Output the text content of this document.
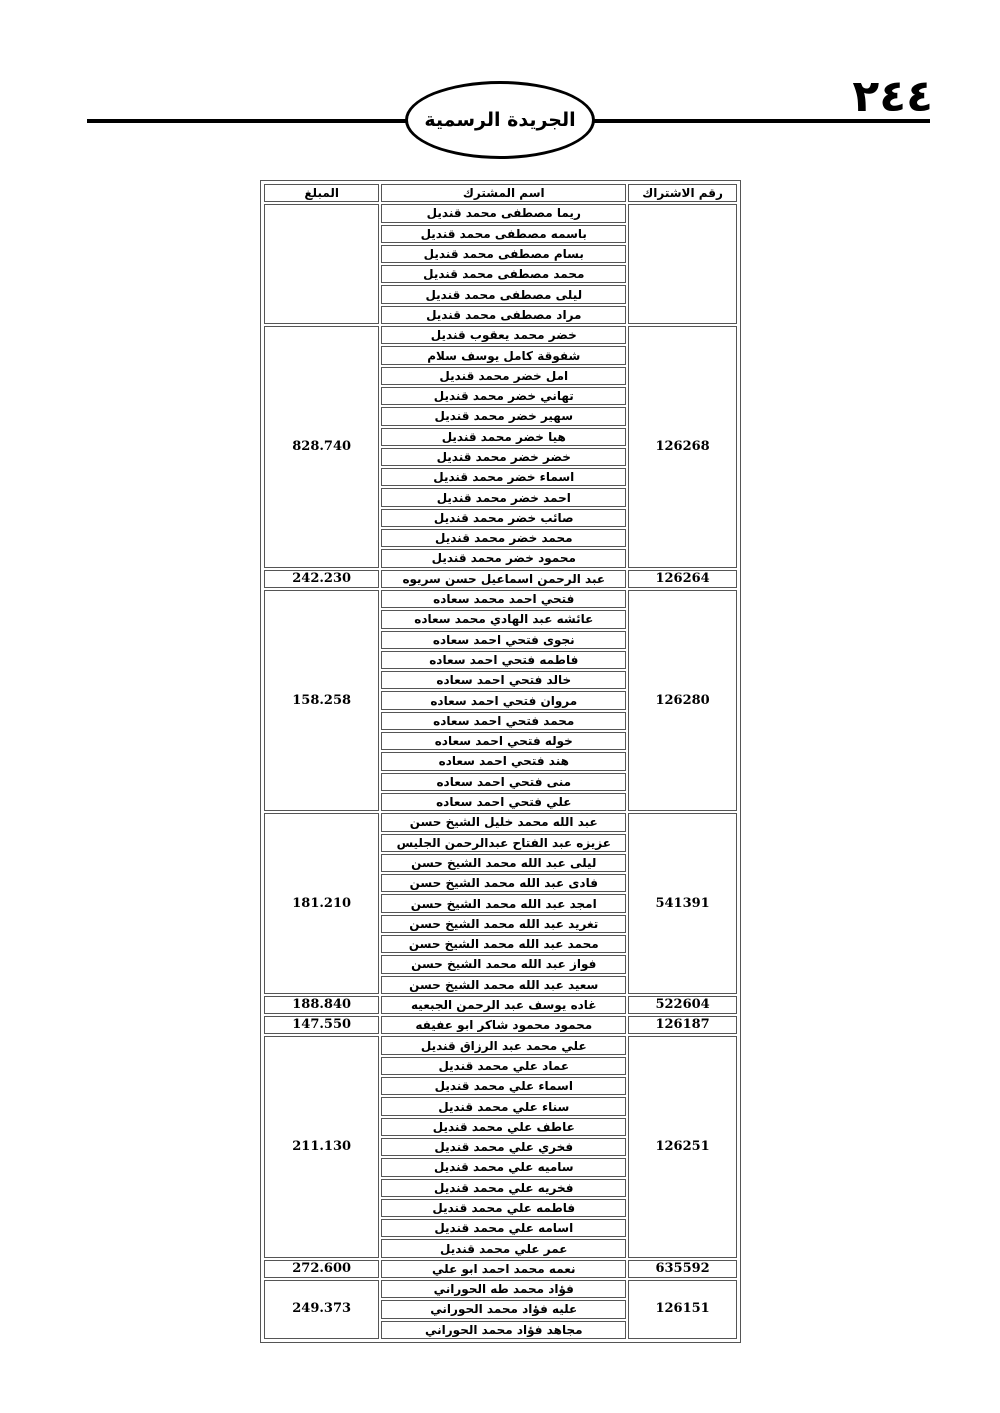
الجريدة الرسمية	٢٤٤
المبلغ	اسم المشترك	رقم الاشتراك
	ريما مصطفى محمد قنديل	
	باسمه مصطفى محمد قنديل	
	بسام مصطفى محمد قنديل	
	محمد مصطفى محمد قنديل	
	ليلى مصطفى محمد قنديل	
	مراد مصطفى محمد قنديل	
828.740	خضر محمد يعقوب قنديل	126268
	شفوقة كامل يوسف سلام	
	امل خضر محمد قنديل	
	تهاني خضر محمد قنديل	
	سهير خضر محمد قنديل	
	هيا خضر محمد قنديل	
	خضر خضر محمد قنديل	
	اسماء خضر محمد قنديل	
	احمد خضر محمد قنديل	
	صائب خضر محمد قنديل	
	محمد خضر محمد قنديل	
	محمود خضر محمد قنديل	
242.230	عبد الرحمن اسماعيل حسن سريوه	126264
158.258	فتحي احمد محمد سعاده	126280
	عائشه عبد الهادي محمد سعاده	
	نجوى فتحي احمد سعاده	
	فاطمه فتحي احمد سعاده	
	خالد فتحي احمد سعاده	
	مروان فتحي احمد سعاده	
	محمد فتحي احمد سعاده	
	خوله فتحي احمد سعاده	
	هند فتحي احمد سعاده	
	منى فتحي احمد سعاده	
	علي فتحي احمد سعاده	
181.210	عبد الله محمد خليل الشيخ حسن	541391
	عزيزه عبد الفتاح عبدالرحمن الجليس	
	ليلى عبد الله محمد الشيخ حسن	
	فادى عبد الله محمد الشيخ حسن	
	امجد عبد الله محمد الشيخ حسن	
	تغريد عبد الله محمد الشيخ حسن	
	محمد عبد الله محمد الشيخ حسن	
	فواز عبد الله محمد الشيخ حسن	
	سعيد عبد الله محمد الشيخ حسن	
188.840	غاده يوسف عبد الرحمن الجبعيه	522604
147.550	محمود محمود شاكر ابو عفيفه	126187
211.130	علي محمد عبد الرزاق قنديل	126251
	عماد علي محمد قنديل	
	اسماء علي محمد قنديل	
	سناء علي محمد قنديل	
	عاطف علي محمد قنديل	
	فخري علي محمد قنديل	
	ساميه علي محمد قنديل	
	فخريه علي محمد قنديل	
	فاطمه علي محمد قنديل	
	اسامه علي محمد قنديل	
	عمر علي محمد قنديل	
272.600	نعمه محمد احمد ابو علي	635592
249.373	فؤاد محمد طه الحوراني	126151
	عليه فؤاد محمد الحوراني	
	مجاهد فؤاد محمد الحوراني	
